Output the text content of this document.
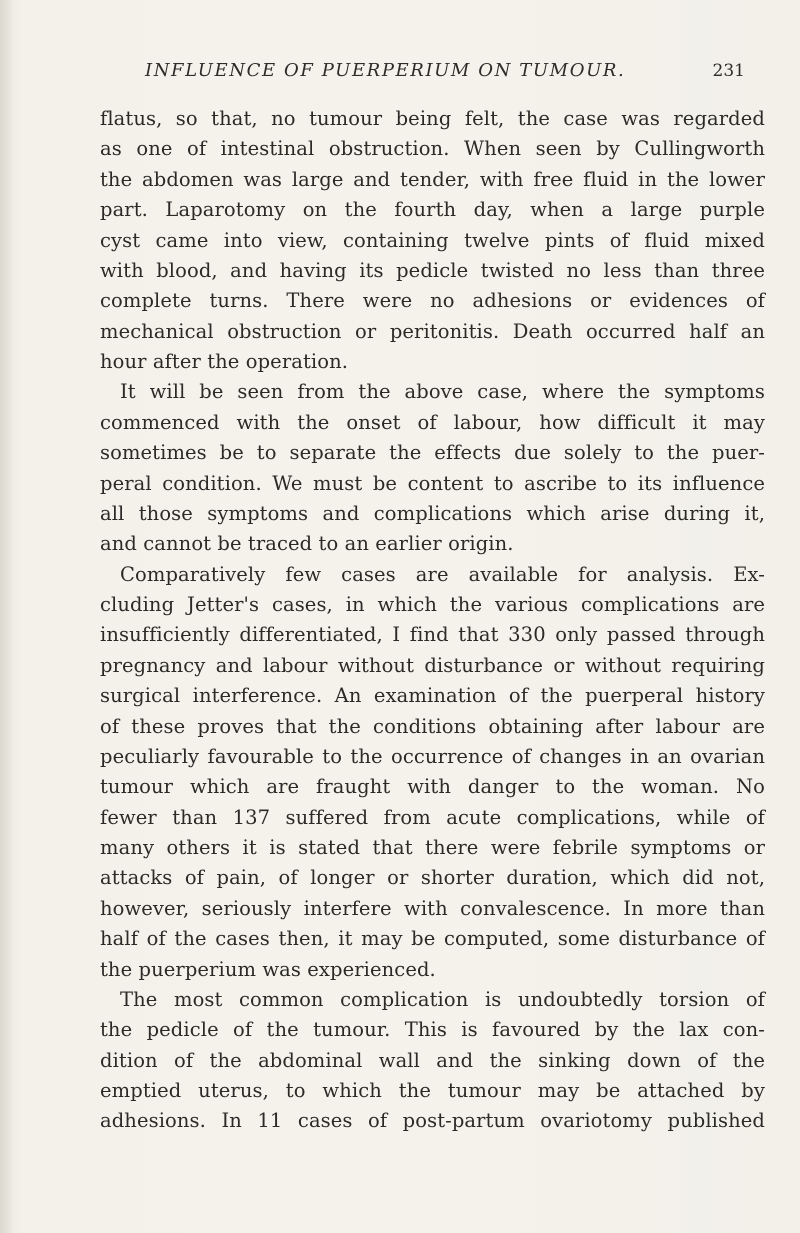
INFLUENCE OF PUERPERIUM ON TUMOUR.	231
flatus, so that, no tumour being felt, the case was regarded
as one of intestinal obstruction. When seen by Cullingworth
the abdomen was large and tender, with free fluid in the lower
part. Laparotomy on the fourth day, when a large purple
cyst came into view, containing twelve pints of fluid mixed
with blood, and having its pedicle twisted no less than three
complete turns. There were no adhesions or evidences of
mechanical obstruction or peritonitis. Death occurred half an
hour after the operation.
It will be seen from the above case, where the symptoms
commenced with the onset of labour, how difficult it may
sometimes be to separate the effects due solely to the puer-
peral condition. We must be content to ascribe to its influence
all those symptoms and complications which arise during it,
and cannot be traced to an earlier origin.
Comparatively few cases are available for analysis. Ex-
cluding Jetter's cases, in which the various complications are
insufficiently differentiated, I find that 330 only passed through
pregnancy and labour without disturbance or without requiring
surgical interference. An examination of the puerperal history
of these proves that the conditions obtaining after labour are
peculiarly favourable to the occurrence of changes in an ovarian
tumour which are fraught with danger to the woman. No
fewer than 137 suffered from acute complications, while of
many others it is stated that there were febrile symptoms or
attacks of pain, of longer or shorter duration, which did not,
however, seriously interfere with convalescence. In more than
half of the cases then, it may be computed, some disturbance of
the puerperium was experienced.
The most common complication is undoubtedly torsion of
the pedicle of the tumour. This is favoured by the lax con-
dition of the abdominal wall and the sinking down of the
emptied uterus, to which the tumour may be attached by
adhesions. In 11 cases of post-partum ovariotomy published
